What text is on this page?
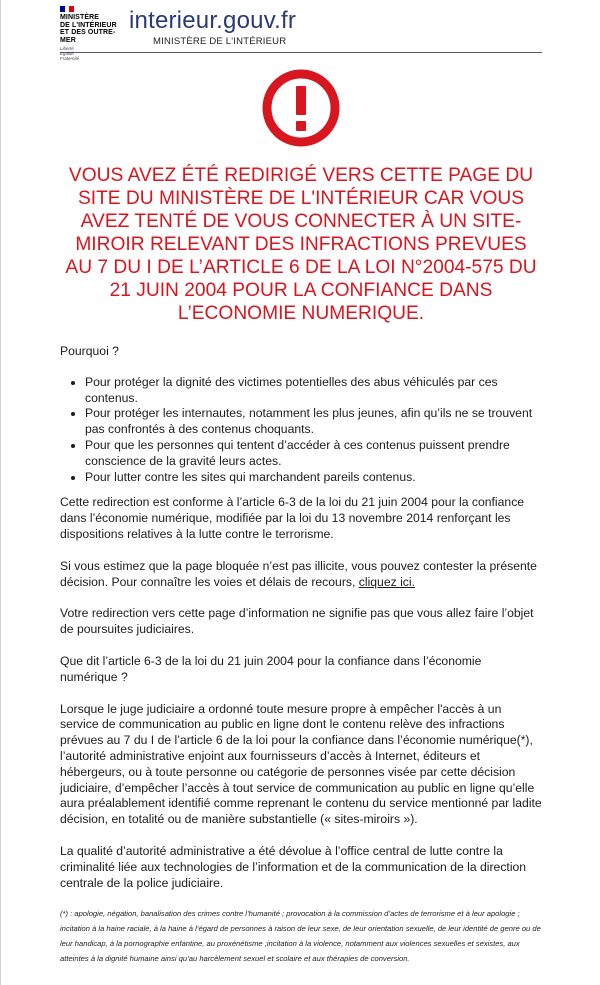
MINISTÈRE
DE L'INTÉRIEUR
ET DES OUTRE-MER
Liberté
Égalité
Fraternité
interieur.gouv.fr
MINISTÈRE DE L'INTÉRIEUR
VOUS AVEZ ÉTÉ REDIRIGÉ VERS CETTE PAGE DU
SITE DU MINISTÈRE DE L'INTÉRIEUR CAR VOUS
AVEZ TENTÉ DE VOUS CONNECTER À UN SITE-
MIROIR RELEVANT DES INFRACTIONS PREVUES
AU 7 DU I DE L’ARTICLE 6 DE LA LOI N°2004-575 DU
21 JUIN 2004 POUR LA CONFIANCE DANS
L’ECONOMIE NUMERIQUE.

Pourquoi ?

• Pour protéger la dignité des victimes potentielles des abus véhiculés par ces contenus.
• Pour protéger les internautes, notamment les plus jeunes, afin qu’ils ne se trouvent pas confrontés à des contenus choquants.
• Pour que les personnes qui tentent d’accéder à ces contenus puissent prendre conscience de la gravité leurs actes.
• Pour lutter contre les sites qui marchandent pareils contenus.

Cette redirection est conforme à l’article 6-3 de la loi du 21 juin 2004 pour la confiance dans l’économie numérique, modifiée par la loi du 13 novembre 2014 renforçant les dispositions relatives à la lutte contre le terrorisme.

Si vous estimez que la page bloquée n’est pas illicite, vous pouvez contester la présente décision. Pour connaître les voies et délais de recours, cliquez ici.

Votre redirection vers cette page d’information ne signifie pas que vous allez faire l’objet de poursuites judiciaires.

Que dit l’article 6-3 de la loi du 21 juin 2004 pour la confiance dans l’économie numérique ?

Lorsque le juge judiciaire a ordonné toute mesure propre à empêcher l'accès à un service de communication au public en ligne dont le contenu relève des infractions prévues au 7 du I de l’article 6 de la loi pour la confiance dans l’économie numérique(*), l’autorité administrative enjoint aux fournisseurs d’accès à Internet, éditeurs et hébergeurs, ou à toute personne ou catégorie de personnes visée par cette décision judiciaire, d’empêcher l’accès à tout service de communication au public en ligne qu’elle aura préalablement identifié comme reprenant le contenu du service mentionné par ladite décision, en totalité ou de manière substantielle (« sites-miroirs »).

La qualité d’autorité administrative a été dévolue à l’office central de lutte contre la criminalité liée aux technologies de l’information et de la communication de la direction centrale de la police judiciaire.

(*) : apologie, négation, banalisation des crimes contre l’humanité ; provocation à la commission d’actes de terrorisme et à leur apologie ; incitation à la haine raciale, à la haine à l’égard de personnes à raison de leur sexe, de leur orientation sexuelle, de leur identité de genre ou de leur handicap, à la pornographie enfantine, au proxénétisme ;incitation à la violence, notamment aux violences sexuelles et sexistes, aux atteintes à la dignité humaine ainsi qu’au harcèlement sexuel et scolaire et aux thérapies de conversion.
